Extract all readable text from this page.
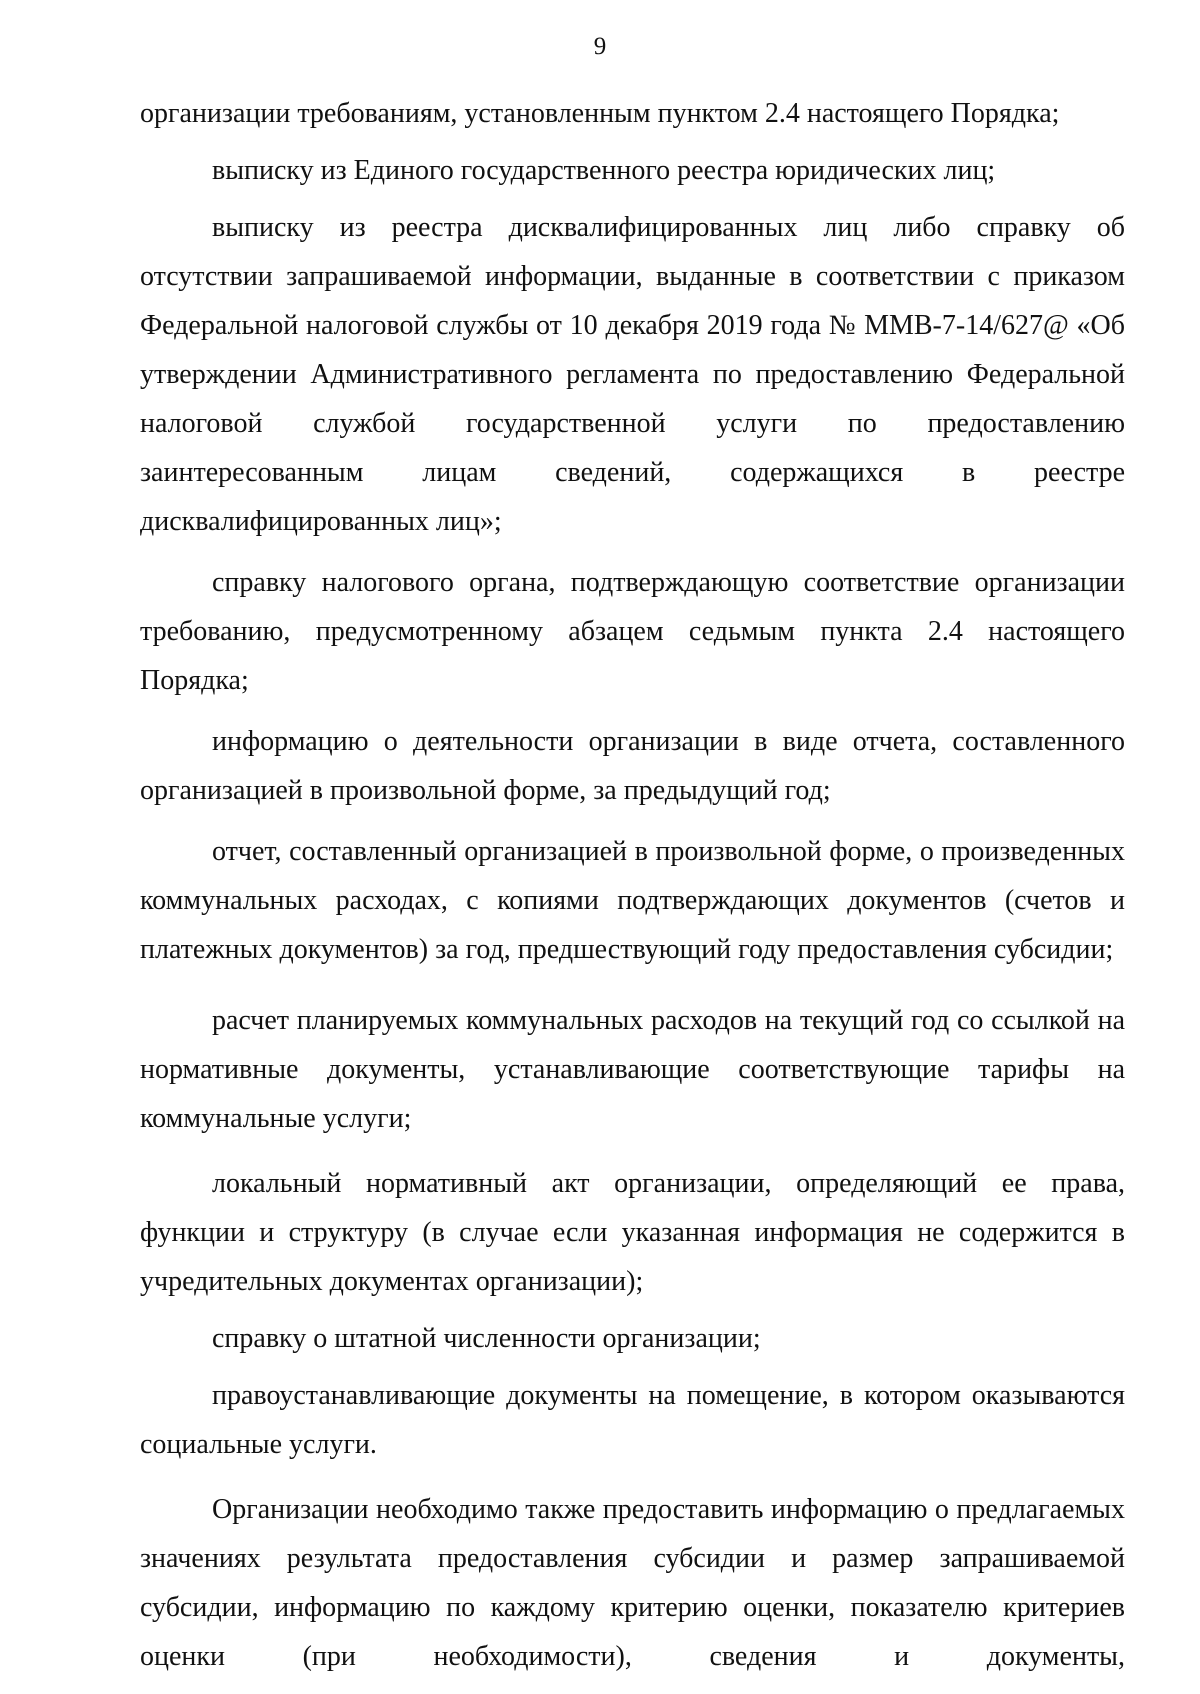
9

организации требованиям, установленным пунктом 2.4 настоящего Порядка;

выписку из Единого государственного реестра юридических лиц;

выписку из реестра дисквалифицированных лиц либо справку об отсутствии запрашиваемой информации, выданные в соответствии с приказом Федеральной налоговой службы от 10 декабря 2019 года № ММВ-7-14/627@ «Об утверждении Административного регламента по предоставлению Федеральной налоговой службой государственной услуги по предоставлению заинтересованным лицам сведений, содержащихся в реестре дисквалифицированных лиц»;

справку налогового органа, подтверждающую соответствие организации требованию, предусмотренному абзацем седьмым пункта 2.4 настоящего Порядка;

информацию о деятельности организации в виде отчета, составленного организацией в произвольной форме, за предыдущий год;

отчет, составленный организацией в произвольной форме, о произведенных коммунальных расходах, с копиями подтверждающих документов (счетов и платежных документов) за год, предшествующий году предоставления субсидии;

расчет планируемых коммунальных расходов на текущий год со ссылкой на нормативные документы, устанавливающие соответствующие тарифы на коммунальные услуги;

локальный нормативный акт организации, определяющий ее права, функции и структуру (в случае если указанная информация не содержится в учредительных документах организации);

справку о штатной численности организации;

правоустанавливающие документы на помещение, в котором оказываются социальные услуги.

Организации необходимо также предоставить информацию о предлагаемых значениях результата предоставления субсидии и размер запрашиваемой субсидии, информацию по каждому критерию оценки, показателю критериев оценки (при необходимости), сведения и документы,
